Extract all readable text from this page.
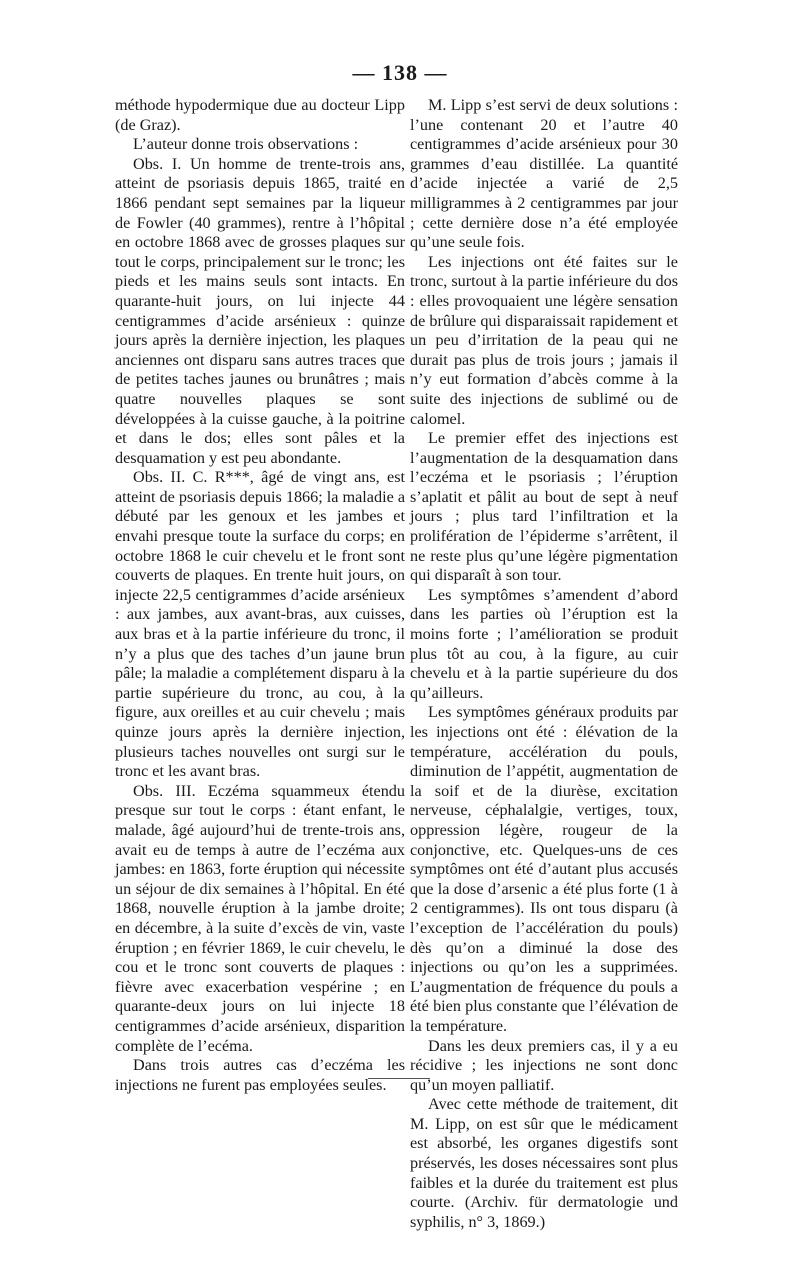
— 138 —

méthode hypodermique due au docteur Lipp (de Graz).

L’auteur donne trois observations :

Obs. I. Un homme de trente-trois ans, atteint de psoriasis depuis 1865, traité en 1866 pendant sept semaines par la liqueur de Fowler (40 grammes), rentre à l’hôpital en octobre 1868 avec de grosses plaques sur tout le corps, principalement sur le tronc; les pieds et les mains seuls sont intacts. En quarante-huit jours, on lui injecte 44 centigrammes d’acide arsénieux : quinze jours après la dernière injection, les plaques anciennes ont disparu sans autres traces que de petites taches jaunes ou brunâtres ; mais quatre nouvelles plaques se sont développées à la cuisse gauche, à la poitrine et dans le dos; elles sont pâles et la desquamation y est peu abondante.

Obs. II. C. R***, âgé de vingt ans, est atteint de psoriasis depuis 1866; la maladie a débuté par les genoux et les jambes et envahi presque toute la surface du corps; en octobre 1868 le cuir chevelu et le front sont couverts de plaques. En trente huit jours, on injecte 22,5 centigrammes d’acide arsénieux : aux jambes, aux avant-bras, aux cuisses, aux bras et à la partie inférieure du tronc, il n’y a plus que des taches d’un jaune brun pâle; la maladie a complétement disparu à la partie supérieure du tronc, au cou, à la figure, aux oreilles et au cuir chevelu ; mais quinze jours après la dernière injection, plusieurs taches nouvelles ont surgi sur le tronc et les avant bras.

Obs. III. Eczéma squammeux étendu presque sur tout le corps : étant enfant, le malade, âgé aujourd’hui de trente-trois ans, avait eu de temps à autre de l’eczéma aux jambes: en 1863, forte éruption qui nécessite un séjour de dix semaines à l’hôpital. En été 1868, nouvelle éruption à la jambe droite; en décembre, à la suite d’excès de vin, vaste éruption ; en février 1869, le cuir chevelu, le cou et le tronc sont couverts de plaques : fièvre avec exacerbation vespérine ; en quarante-deux jours on lui injecte 18 centigrammes d’acide arsénieux, disparition complète de l’ecéma.

Dans trois autres cas d’eczéma les injections ne furent pas employées seules.

M. Lipp s’est servi de deux solutions : l’une contenant 20 et l’autre 40 centigrammes d’acide arsénieux pour 30 grammes d’eau distillée. La quantité d’acide injectée a varié de 2,5 milligrammes à 2 centigrammes par jour ; cette dernière dose n’a été employée qu’une seule fois.

Les injections ont été faites sur le tronc, surtout à la partie inférieure du dos : elles provoquaient une légère sensation de brûlure qui disparaissait rapidement et un peu d’irritation de la peau qui ne durait pas plus de trois jours ; jamais il n’y eut formation d’abcès comme à la suite des injections de sublimé ou de calomel.

Le premier effet des injections est l’augmentation de la desquamation dans l’eczéma et le psoriasis ; l’éruption s’aplatit et pâlit au bout de sept à neuf jours ; plus tard l’infiltration et la prolifération de l’épiderme s’arrêtent, il ne reste plus qu’une légère pigmentation qui disparaît à son tour.

Les symptômes s’amendent d’abord dans les parties où l’éruption est la moins forte ; l’amélioration se produit plus tôt au cou, à la figure, au cuir chevelu et à la partie supérieure du dos qu’ailleurs.

Les symptômes généraux produits par les injections ont été : élévation de la température, accélération du pouls, diminution de l’appétit, augmentation de la soif et de la diurèse, excitation nerveuse, céphalalgie, vertiges, toux, oppression légère, rougeur de la conjonctive, etc. Quelques-uns de ces symptômes ont été d’autant plus accusés que la dose d’arsenic a été plus forte (1 à 2 centigrammes). Ils ont tous disparu (à l’exception de l’accélération du pouls) dès qu’on a diminué la dose des injections ou qu’on les a supprimées. L’augmentation de fréquence du pouls a été bien plus constante que l’élévation de la température.

Dans les deux premiers cas, il y a eu récidive ; les injections ne sont donc qu’un moyen palliatif.

Avec cette méthode de traitement, dit M. Lipp, on est sûr que le médicament est absorbé, les organes digestifs sont préservés, les doses nécessaires sont plus faibles et la durée du traitement est plus courte. (Archiv. für dermatologie und syphilis, n° 3, 1869.)
